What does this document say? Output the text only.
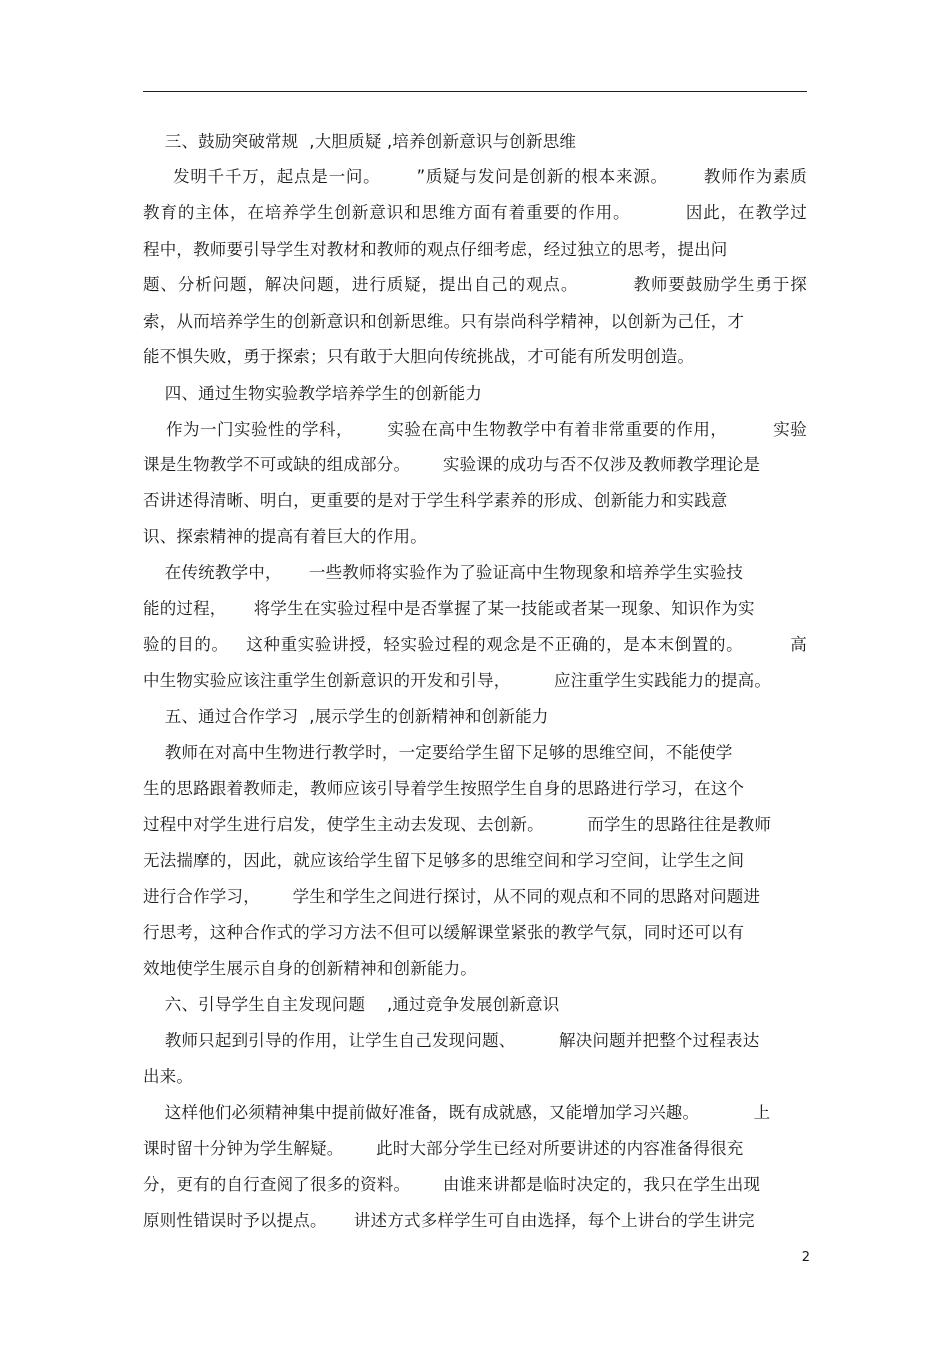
三、鼓励突破常规  ,大胆质疑 ,培养创新意识与创新思维
发明千千万，起点是一问。      ”质疑与发问是创新的根本来源。      教师作为素质
教育的主体，在培养学生创新意识和思维方面有着重要的作用。         因此，在教学过
程中，教师要引导学生对教材和教师的观点仔细考虑，经过独立的思考，提出问
题、分析问题，解决问题，进行质疑，提出自己的观点。         教师要鼓励学生勇于探
索，从而培养学生的创新意识和创新思维。只有崇尚科学精神，以创新为己任，才
能不惧失败，勇于探索；只有敢于大胆向传统挑战，才可能有所发明创造。
四、通过生物实验教学培养学生的创新能力
作为一门实验性的学科，      实验在高中生物教学中有着非常重要的作用，        实验
课是生物教学不可或缺的组成部分。      实验课的成功与否不仅涉及教师教学理论是
否讲述得清晰、明白，更重要的是对于学生科学素养的形成、创新能力和实践意
识、探索精神的提高有着巨大的作用。
在传统教学中，     一些教师将实验作为了验证高中生物现象和培养学生实验技
能的过程，     将学生在实验过程中是否掌握了某一技能或者某一现象、知识作为实
验的目的。   这种重实验讲授，轻实验过程的观念是不正确的，是本末倒置的。        高
中生物实验应该注重学生创新意识的开发和引导，        应注重学生实践能力的提高。
五、通过合作学习  ,展示学生的创新精神和创新能力
教师在对高中生物进行教学时，一定要给学生留下足够的思维空间，不能使学
生的思路跟着教师走，教师应该引导着学生按照学生自身的思路进行学习，在这个
过程中对学生进行启发，使学生主动去发现、去创新。        而学生的思路往往是教师
无法揣摩的，因此，就应该给学生留下足够多的思维空间和学习空间，让学生之间
进行合作学习，      学生和学生之间进行探讨，从不同的观点和不同的思路对问题进
行思考，这种合作式的学习方法不但可以缓解课堂紧张的教学气氛，同时还可以有
效地使学生展示自身的创新精神和创新能力。
六、引导学生自主发现问题    ,通过竞争发展创新意识
教师只起到引导的作用，让学生自己发现问题、        解决问题并把整个过程表达
出来。
这样他们必须精神集中提前做好准备，既有成就感，又能增加学习兴趣。          上
课时留十分钟为学生解疑。      此时大部分学生已经对所要讲述的内容准备得很充
分，更有的自行查阅了很多的资料。      由谁来讲都是临时决定的，我只在学生出现
原则性错误时予以提点。     讲述方式多样学生可自由选择，每个上讲台的学生讲完
2
